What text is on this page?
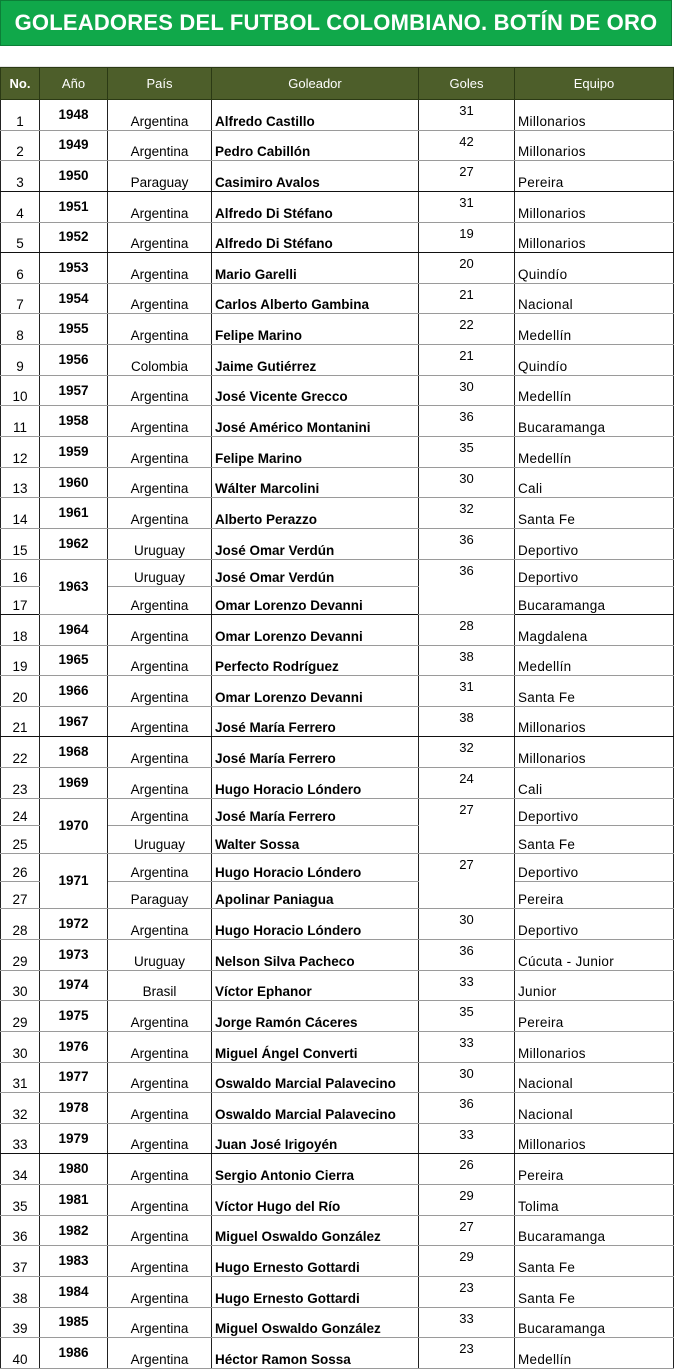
GOLEADORES DEL FUTBOL COLOMBIANO. BOTÍN DE ORO
No.	Año	País	Goleador	Goles	Equipo
1	1948	Argentina	Alfredo Castillo	31	Millonarios
2	1949	Argentina	Pedro Cabillón	42	Millonarios
3	1950	Paraguay	Casimiro Avalos	27	Pereira
4	1951	Argentina	Alfredo Di Stéfano	31	Millonarios
5	1952	Argentina	Alfredo Di Stéfano	19	Millonarios
6	1953	Argentina	Mario Garelli	20	Quindío
7	1954	Argentina	Carlos Alberto Gambina	21	Nacional
8	1955	Argentina	Felipe Marino	22	Medellín
9	1956	Colombia	Jaime Gutiérrez	21	Quindío
10	1957	Argentina	José Vicente Grecco	30	Medellín
11	1958	Argentina	José Américo Montanini	36	Bucaramanga
12	1959	Argentina	Felipe Marino	35	Medellín
13	1960	Argentina	Wálter Marcolini	30	Cali
14	1961	Argentina	Alberto Perazzo	32	Santa Fe
15	1962	Uruguay	José Omar Verdún	36	Deportivo
16	1963	Uruguay	José Omar Verdún	36	Deportivo
17		Argentina	Omar Lorenzo Devanni		Bucaramanga
18	1964	Argentina	Omar Lorenzo Devanni	28	Magdalena
19	1965	Argentina	Perfecto Rodríguez	38	Medellín
20	1966	Argentina	Omar Lorenzo Devanni	31	Santa Fe
21	1967	Argentina	José María Ferrero	38	Millonarios
22	1968	Argentina	José María Ferrero	32	Millonarios
23	1969	Argentina	Hugo Horacio Lóndero	24	Cali
24	1970	Argentina	José María Ferrero	27	Deportivo
25		Uruguay	Walter Sossa		Santa Fe
26	1971	Argentina	Hugo Horacio Lóndero	27	Deportivo
27		Paraguay	Apolinar Paniagua		Pereira
28	1972	Argentina	Hugo Horacio Lóndero	30	Deportivo
29	1973	Uruguay	Nelson Silva Pacheco	36	Cúcuta - Junior
30	1974	Brasil	Víctor Ephanor	33	Junior
29	1975	Argentina	Jorge Ramón Cáceres	35	Pereira
30	1976	Argentina	Miguel Ángel Converti	33	Millonarios
31	1977	Argentina	Oswaldo Marcial Palavecino	30	Nacional
32	1978	Argentina	Oswaldo Marcial Palavecino	36	Nacional
33	1979	Argentina	Juan José Irigoyén	33	Millonarios
34	1980	Argentina	Sergio Antonio Cierra	26	Pereira
35	1981	Argentina	Víctor Hugo del Río	29	Tolima
36	1982	Argentina	Miguel Oswaldo González	27	Bucaramanga
37	1983	Argentina	Hugo Ernesto Gottardi	29	Santa Fe
38	1984	Argentina	Hugo Ernesto Gottardi	23	Santa Fe
39	1985	Argentina	Miguel Oswaldo González	33	Bucaramanga
40	1986	Argentina	Héctor Ramon Sossa	23	Medellín
